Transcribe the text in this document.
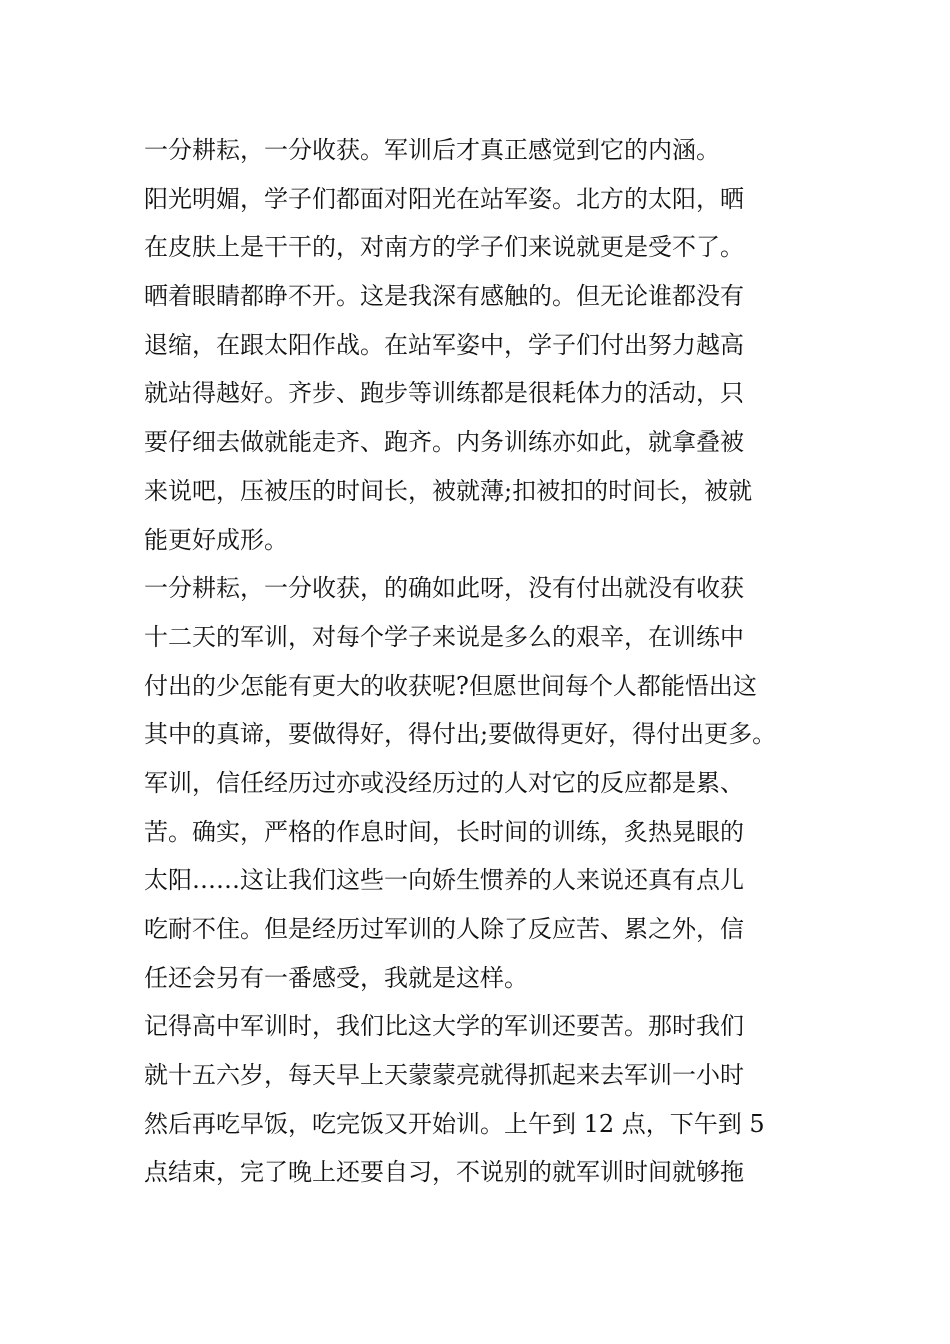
一分耕耘，一分收获。军训后才真正感觉到它的内涵。
阳光明媚，学子们都面对阳光在站军姿。北方的太阳，晒
在皮肤上是干干的，对南方的学子们来说就更是受不了。
晒着眼睛都睁不开。这是我深有感触的。但无论谁都没有
退缩，在跟太阳作战。在站军姿中，学子们付出努力越高
就站得越好。齐步、跑步等训练都是很耗体力的活动，只
要仔细去做就能走齐、跑齐。内务训练亦如此，就拿叠被
来说吧，压被压的时间长，被就薄;扣被扣的时间长，被就
能更好成形。
一分耕耘，一分收获，的确如此呀，没有付出就没有收获
十二天的军训，对每个学子来说是多么的艰辛，在训练中
付出的少怎能有更大的收获呢?但愿世间每个人都能悟出这
其中的真谛，要做得好，得付出;要做得更好，得付出更多。
军训，信任经历过亦或没经历过的人对它的反应都是累、
苦。确实，严格的作息时间，长时间的训练，炙热晃眼的
太阳……这让我们这些一向娇生惯养的人来说还真有点儿
吃耐不住。但是经历过军训的人除了反应苦、累之外，信
任还会另有一番感受，我就是这样。
记得高中军训时，我们比这大学的军训还要苦。那时我们
就十五六岁，每天早上天蒙蒙亮就得抓起来去军训一小时
然后再吃早饭，吃完饭又开始训。上午到 12 点，下午到 5
点结束，完了晚上还要自习，不说别的就军训时间就够拖
